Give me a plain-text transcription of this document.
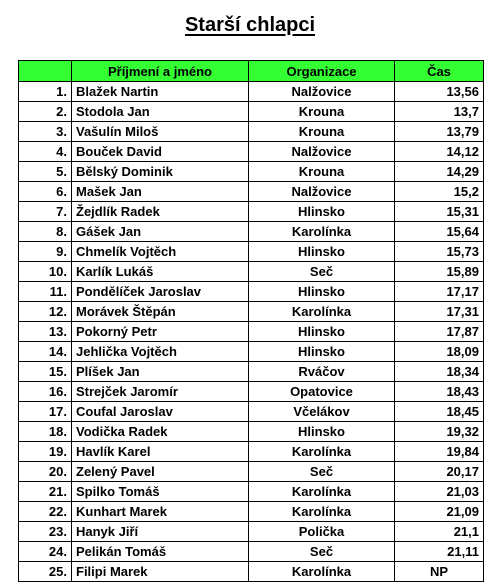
Starší chlapci
	Příjmení a jméno	Organizace	Čas
1.	Blažek Nartin	Nalžovice	13,56
2.	Stodola Jan	Krouna	13,7
3.	Vašulín Miloš	Krouna	13,79
4.	Bouček David	Nalžovice	14,12
5.	Bělský Dominik	Krouna	14,29
6.	Mašek Jan	Nalžovice	15,2
7.	Žejdlík Radek	Hlinsko	15,31
8.	Gášek Jan	Karolínka	15,64
9.	Chmelík Vojtěch	Hlinsko	15,73
10.	Karlík Lukáš	Seč	15,89
11.	Pondělíček Jaroslav	Hlinsko	17,17
12.	Morávek Štěpán	Karolínka	17,31
13.	Pokorný Petr	Hlinsko	17,87
14.	Jehlička Vojtěch	Hlinsko	18,09
15.	Plíšek Jan	Rváčov	18,34
16.	Strejček Jaromír	Opatovice	18,43
17.	Coufal Jaroslav	Včelákov	18,45
18.	Vodička Radek	Hlinsko	19,32
19.	Havlík Karel	Karolínka	19,84
20.	Zelený Pavel	Seč	20,17
21.	Spilko Tomáš	Karolínka	21,03
22.	Kunhart Marek	Karolínka	21,09
23.	Hanyk Jiří	Polička	21,1
24.	Pelikán Tomáš	Seč	21,11
25.	Filipi Marek	Karolínka	NP
